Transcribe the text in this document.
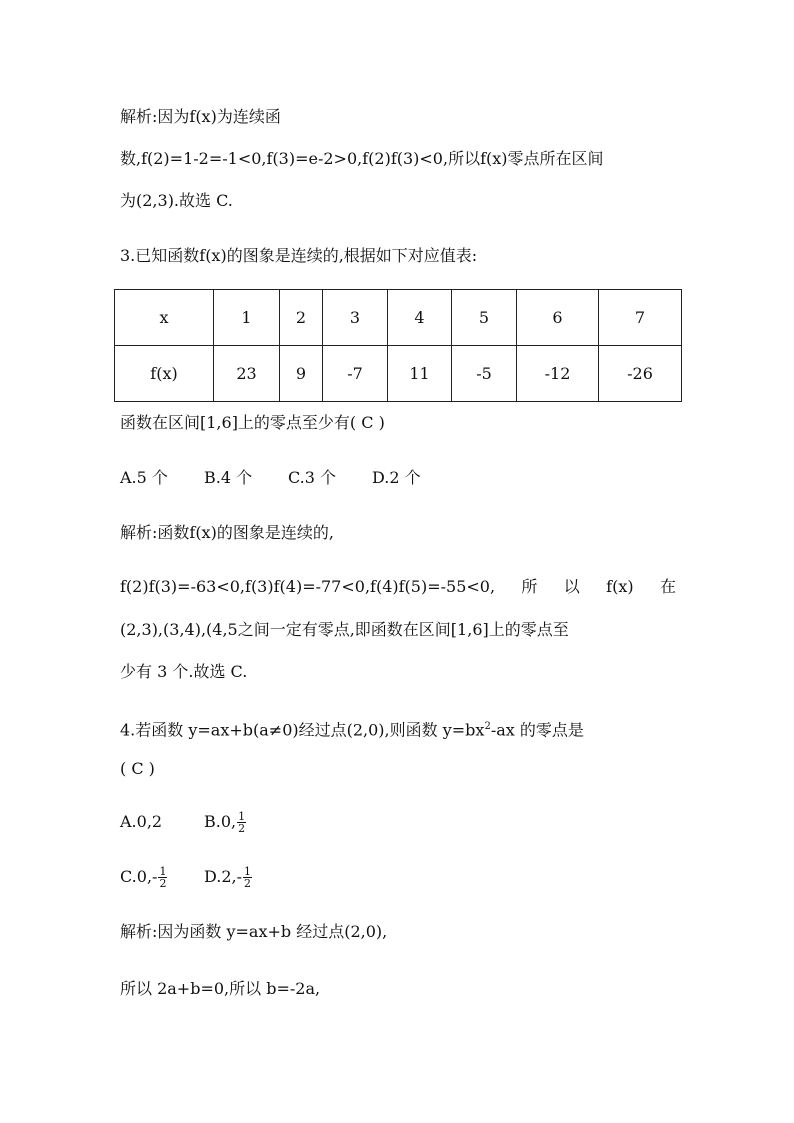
解析:因为f(x)为连续函
数,f(2)=1-2=-1<0,f(3)=e-2>0,f(2)f(3)<0,所以f(x)零点所在区间
为(2,3).故选 C.
3.已知函数f(x)的图象是连续的,根据如下对应值表:
x	1	2	3	4	5	6	7
f(x)	23	9	-7	11	-5	-12	-26
函数在区间[1,6]上的零点至少有( C )
A.5 个 B.4 个 C.3 个 D.2 个
解析:函数f(x)的图象是连续的,
f(2)f(3)=-63<0,f(3)f(4)=-77<0,f(4)f(5)=-55<0, 所 以 f(x) 在
(2,3),(3,4),(4,5之间一定有零点,即函数在区间[1,6]上的零点至
少有 3 个.故选 C.
4.若函数 y=ax+b(a≠0)经过点(2,0),则函数 $y=bx^2-ax$ 的零点是
( C )
A.0,2	B.0, $\frac{1}{2}$
$C.0,- \frac{1}{2} D.2,- \frac{1}{2}$
解析:因为函数 y=ax+b 经过点(2,0),
所以 2a+b=0,所以 b=-2a,
